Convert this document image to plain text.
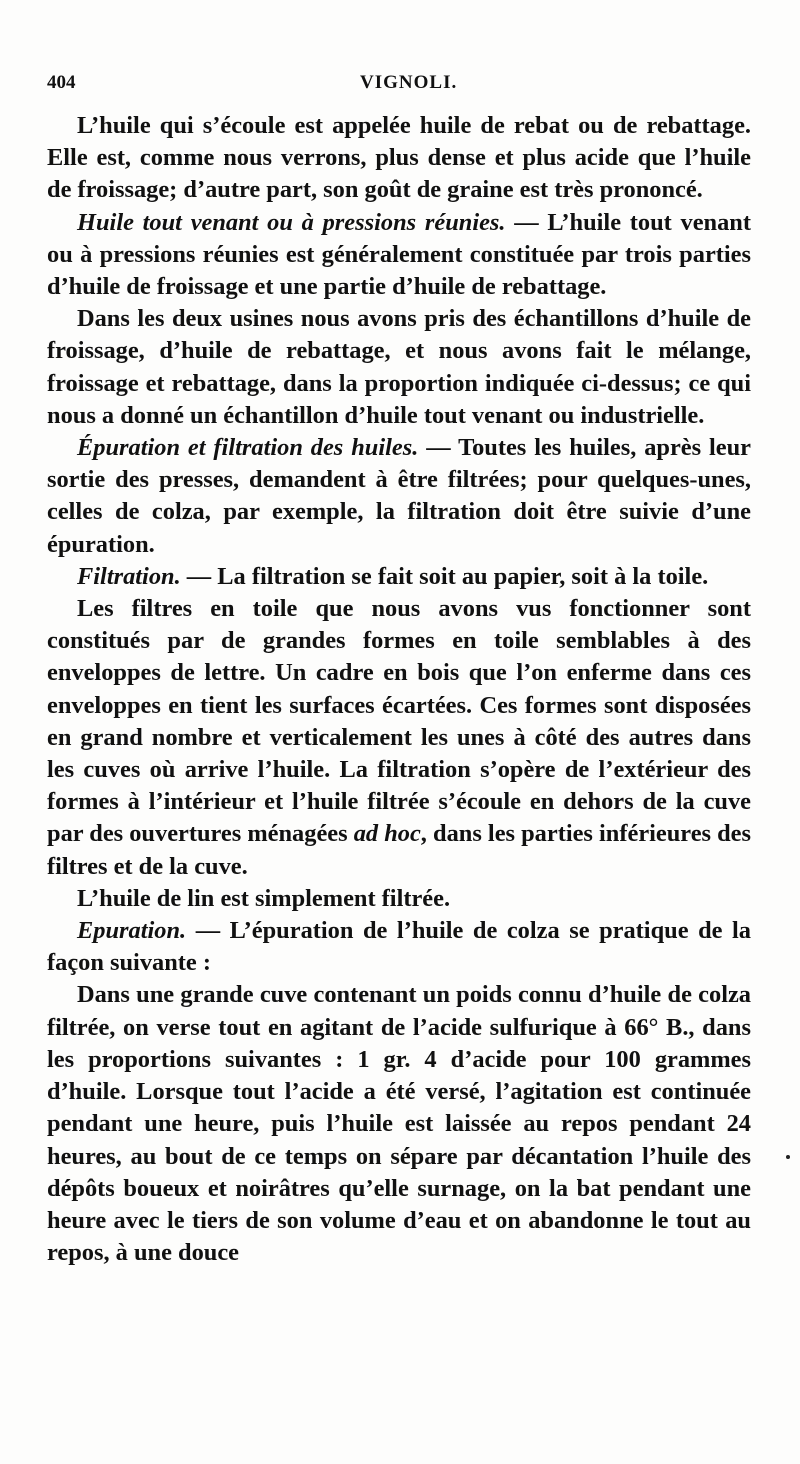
404	VIGNOLI.

L’huile qui s’écoule est appelée huile de rebat ou de rebattage. Elle est, comme nous verrons, plus dense et plus acide que l’huile de froissage; d’autre part, son goût de graine est très prononcé.

Huile tout venant ou à pressions réunies. — L’huile tout venant ou à pressions réunies est généralement constituée par trois parties d’huile de froissage et une partie d’huile de rebattage.

Dans les deux usines nous avons pris des échantillons d’huile de froissage, d’huile de rebattage, et nous avons fait le mélange, froissage et rebattage, dans la proportion indiquée ci-dessus; ce qui nous a donné un échantillon d’huile tout venant ou industrielle.

Épuration et filtration des huiles. — Toutes les huiles, après leur sortie des presses, demandent à être filtrées; pour quelques-unes, celles de colza, par exemple, la filtration doit être suivie d’une épuration.

Filtration. — La filtration se fait soit au papier, soit à la toile.

Les filtres en toile que nous avons vus fonctionner sont constitués par de grandes formes en toile semblables à des enveloppes de lettre. Un cadre en bois que l’on enferme dans ces enveloppes en tient les surfaces écartées. Ces formes sont disposées en grand nombre et verticalement les unes à côté des autres dans les cuves où arrive l’huile. La filtration s’opère de l’extérieur des formes à l’intérieur et l’huile filtrée s’écoule en dehors de la cuve par des ouvertures ménagées ad hoc, dans les parties inférieures des filtres et de la cuve.

L’huile de lin est simplement filtrée.

Epuration. — L’épuration de l’huile de colza se pratique de la façon suivante :

Dans une grande cuve contenant un poids connu d’huile de colza filtrée, on verse tout en agitant de l’acide sulfurique à 66° B., dans les proportions suivantes : 1 gr. 4 d’acide pour 100 grammes d’huile. Lorsque tout l’acide a été versé, l’agitation est continuée pendant une heure, puis l’huile est laissée au repos pendant 24 heures, au bout de ce temps on sépare par décantation l’huile des dépôts boueux et noirâtres qu’elle surnage, on la bat pendant une heure avec le tiers de son volume d’eau et on abandonne le tout au repos, à une douce
